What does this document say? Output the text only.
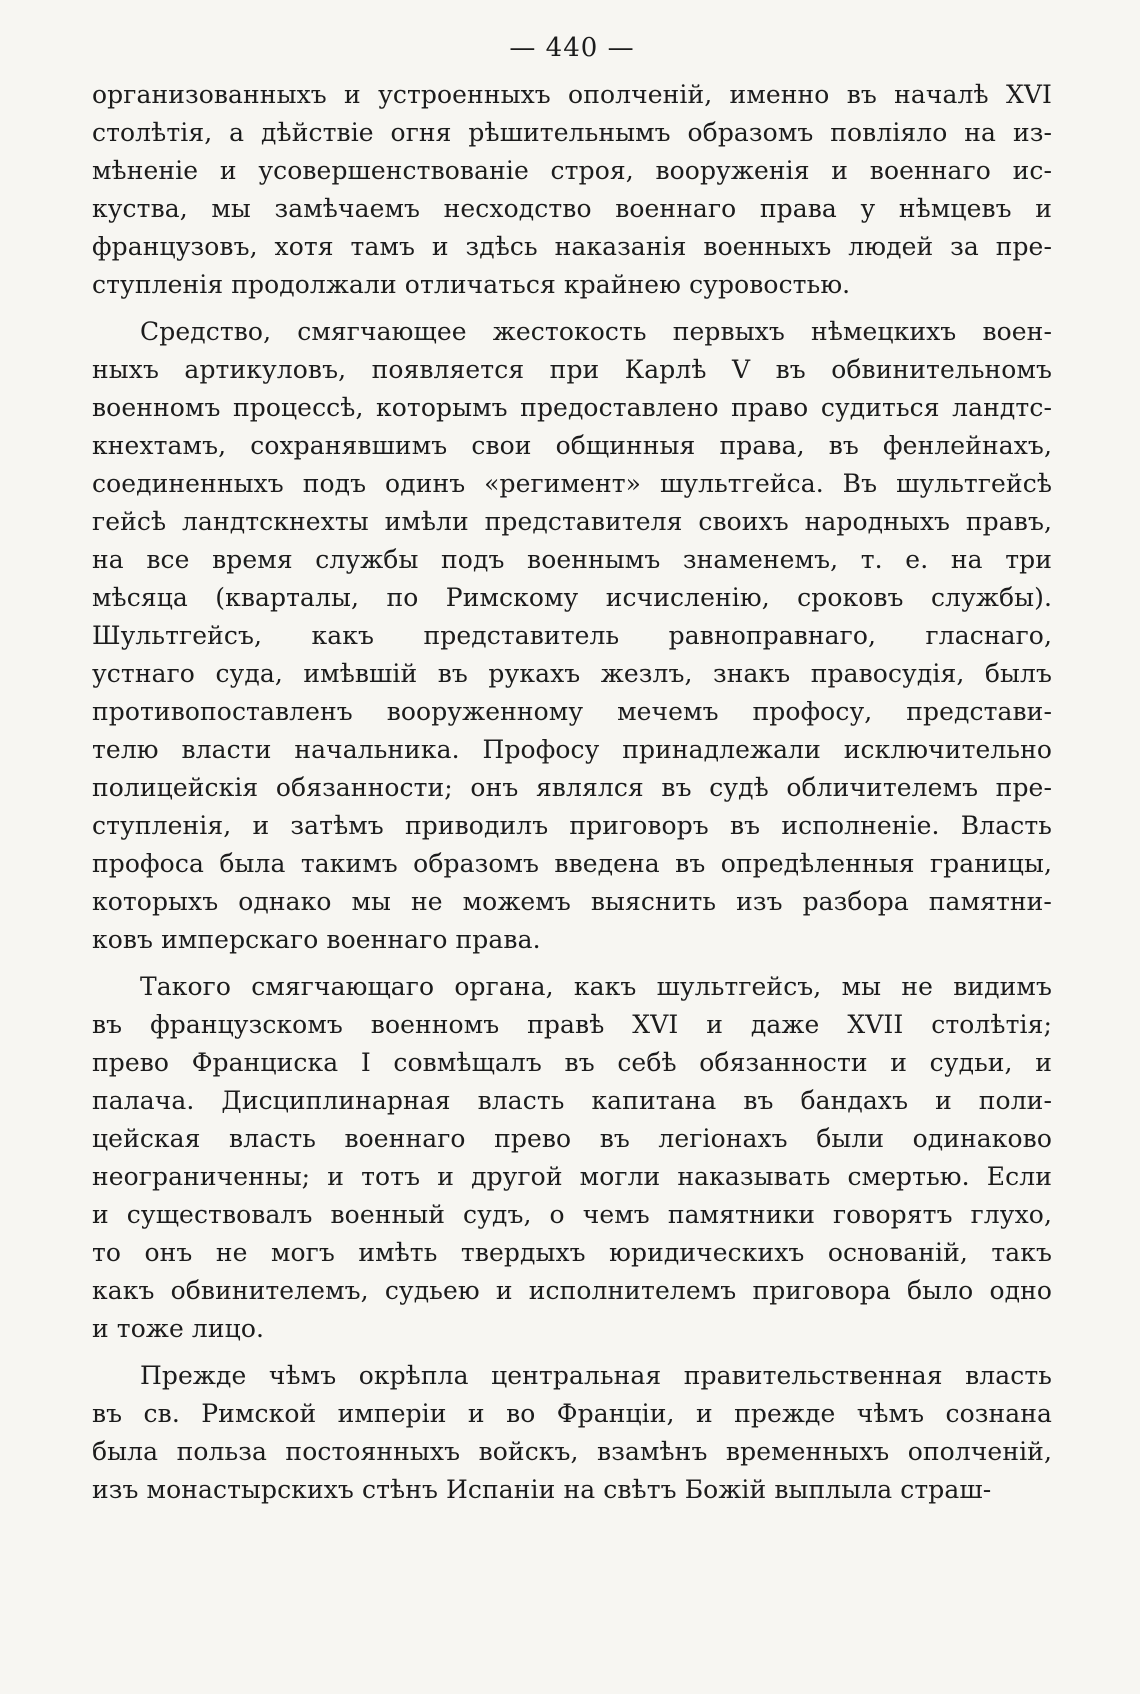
— 440 —
организованныхъ и устроенныхъ ополченій, именно въ началѣ XVI
столѣтія, а дѣйствіе огня рѣшительнымъ образомъ повліяло на из-
мѣненіе и усовершенствованіе строя, вооруженія и военнаго ис-
куства, мы замѣчаемъ несходство военнаго права у нѣмцевъ и
французовъ, хотя тамъ и здѣсь наказанія военныхъ людей за пре-
ступленія продолжали отличаться крайнею суровостью.
Средство, смягчающее жестокость первыхъ нѣмецкихъ воен-
ныхъ артикуловъ, появляется при Карлѣ V въ обвинительномъ
военномъ процессѣ, которымъ предоставлено право судиться ландтс-
кнехтамъ, сохранявшимъ свои общинныя права, въ фенлейнахъ,
соединенныхъ подъ одинъ «регимент» шультгейса. Въ шультгейсѣ
гейсѣ ландтскнехты имѣли представителя своихъ народныхъ правъ,
на все время службы подъ военнымъ знаменемъ, т. е. на три
мѣсяца (кварталы, по Римскому исчисленію, сроковъ службы).
Шультгейсъ, какъ представитель равноправнаго, гласнаго,
устнаго суда, имѣвшій въ рукахъ жезлъ, знакъ правосудія, былъ
противопоставленъ вооруженному мечемъ профосу, представи-
телю власти начальника. Профосу принадлежали исключительно
полицейскія обязанности; онъ являлся въ судѣ обличителемъ пре-
ступленія, и затѣмъ приводилъ приговоръ въ исполненіе. Власть
профоса была такимъ образомъ введена въ опредѣленныя границы,
которыхъ однако мы не можемъ выяснить изъ разбора памятни-
ковъ имперскаго военнаго права.
Такого смягчающаго органа, какъ шультгейсъ, мы не видимъ
въ французскомъ военномъ правѣ XVI и даже XVII столѣтія;
прево Франциска I совмѣщалъ въ себѣ обязанности и судьи, и
палача. Дисциплинарная власть капитана въ бандахъ и поли-
цейская власть военнаго прево въ легіонахъ были одинаково
неограниченны; и тотъ и другой могли наказывать смертью. Если
и существовалъ военный судъ, о чемъ памятники говорятъ глухо,
то онъ не могъ имѣть твердыхъ юридическихъ основаній, такъ
какъ обвинителемъ, судьею и исполнителемъ приговора было одно
и тоже лицо.
Прежде чѣмъ окрѣпла центральная правительственная власть
въ св. Римской имперіи и во Франціи, и прежде чѣмъ сознана
была польза постоянныхъ войскъ, взамѣнъ временныхъ ополченій,
изъ монастырскихъ стѣнъ Испаніи на свѣтъ Божій выплыла страш-
